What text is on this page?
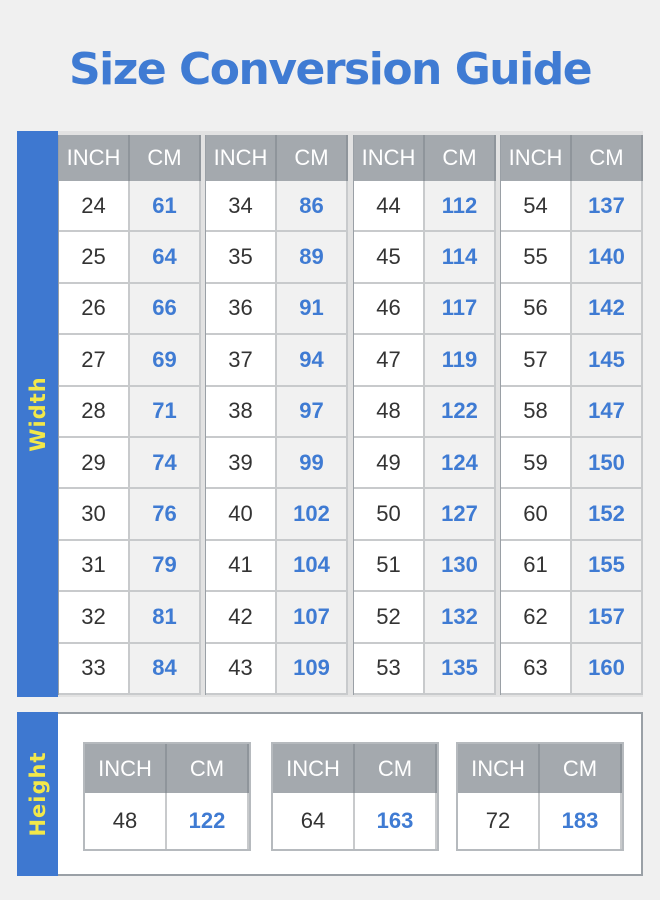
Size Conversion Guide
Width
INCH	CM
24	61
25	64
26	66
27	69
28	71
29	74
30	76
31	79
32	81
33	84
INCH	CM
34	86
35	89
36	91
37	94
38	97
39	99
40	102
41	104
42	107
43	109
INCH	CM
44	112
45	114
46	117
47	119
48	122
49	124
50	127
51	130
52	132
53	135
INCH	CM
54	137
55	140
56	142
57	145
58	147
59	150
60	152
61	155
62	157
63	160
Height	INCH	CM
48	122
INCH	CM
64	163
INCH	CM
72	183
